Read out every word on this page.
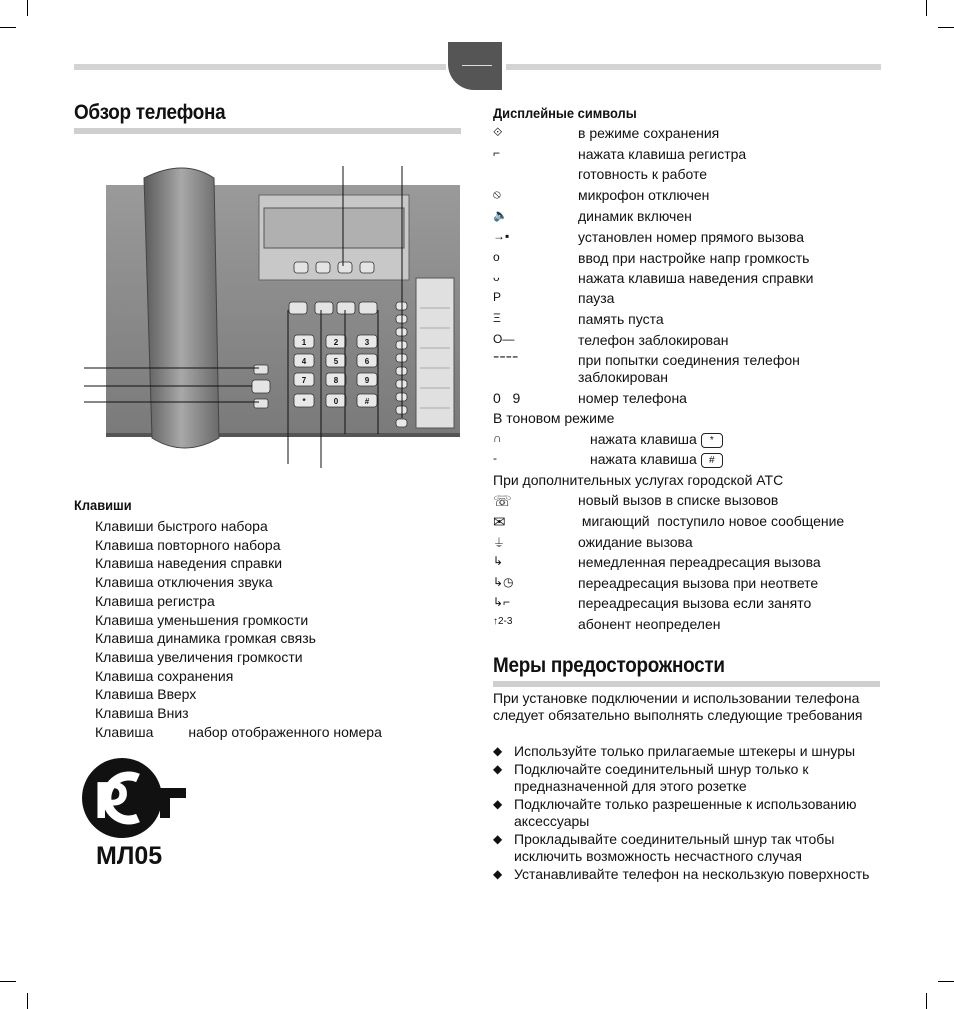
Обзор телефона
1	2	3
4	5	6
7	8	9
*	0	#
Клавиши
Клавиши быстрого набора
Клавиша повторного набора
Клавиша наведения справки
Клавиша отключения звука
Клавиша регистра
Клавиша уменьшения громкости
Клавиша динамика громкая связь
Клавиша увеличения громкости
Клавиша сохранения
Клавиша Вверх
Клавиша Вниз
Клавиша         набор отображенного номера
P
МЛ05
Дисплейные символы
⟐	в режиме сохранения
⌐	нажата клавиша регистра
готовность к работе
⦸	микрофон отключен
🔈	динамик включен
→▪	установлен номер прямого вызова
o	ввод при настройке напр громкость
ᴗ	нажата клавиша наведения справки
P	пауза
Ξ	память пуста
O—	телефон заблокирован
⁼⁼⁼⁼	при попытки соединения телефон
заблокирован
0   9	номер телефона
В тоновом режиме
∩	нажата клавиша *
-	нажата клавиша #
При дополнительных услугах городской АТС
☏	новый вызов в списке вызовов
✉	мигающий  поступило новое сообщение
⏚	ожидание вызова
↳	немедленная переадресация вызова
↳◷	переадресация вызова при неответе
↳⌐	переадресация вызова если занято
↑2-3	абонент неопределен
Меры предосторожности
При установке подключении и использовании телефона следует обязательно выполнять следующие требования
◆ Используйте только прилагаемые штекеры и шнуры
◆ Подключайте соединительный шнур только к предназначенной для этого розетке
◆ Подключайте только разрешенные к использованию аксессуары
◆ Прокладывайте соединительный шнур так чтобы исключить возможность несчастного случая
◆ Устанавливайте телефон на нескользкую поверхность
